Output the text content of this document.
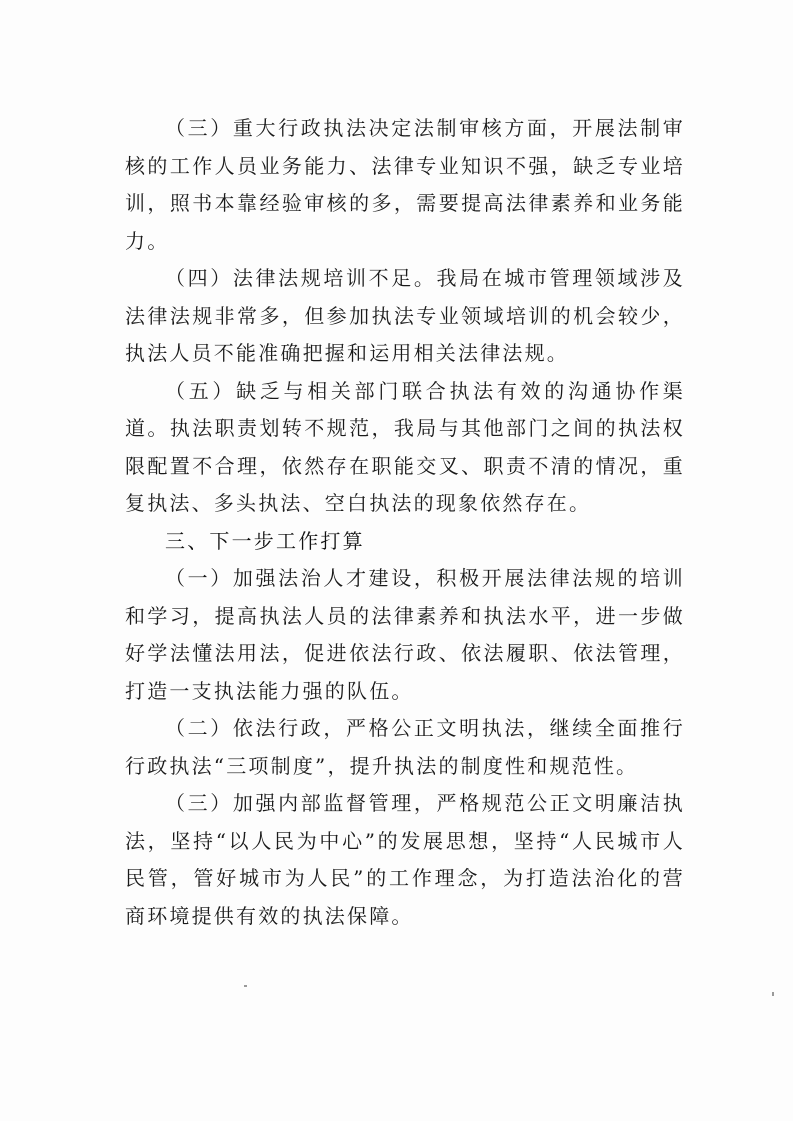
（三）重大行政执法决定法制审核方面，开展法制审核的工作人员业务能力、法律专业知识不强，缺乏专业培训，照书本靠经验审核的多，需要提高法律素养和业务能力。

（四）法律法规培训不足。我局在城市管理领域涉及法律法规非常多，但参加执法专业领域培训的机会较少，执法人员不能准确把握和运用相关法律法规。

（五）缺乏与相关部门联合执法有效的沟通协作渠道。执法职责划转不规范，我局与其他部门之间的执法权限配置不合理，依然存在职能交叉、职责不清的情况，重复执法、多头执法、空白执法的现象依然存在。

三、下一步工作打算

（一）加强法治人才建设，积极开展法律法规的培训和学习，提高执法人员的法律素养和执法水平，进一步做好学法懂法用法，促进依法行政、依法履职、依法管理，打造一支执法能力强的队伍。

（二）依法行政，严格公正文明执法，继续全面推行行政执法“三项制度”，提升执法的制度性和规范性。

（三）加强内部监督管理，严格规范公正文明廉洁执法，坚持“以人民为中心”的发展思想，坚持“人民城市人民管，管好城市为人民”的工作理念，为打造法治化的营商环境提供有效的执法保障。
